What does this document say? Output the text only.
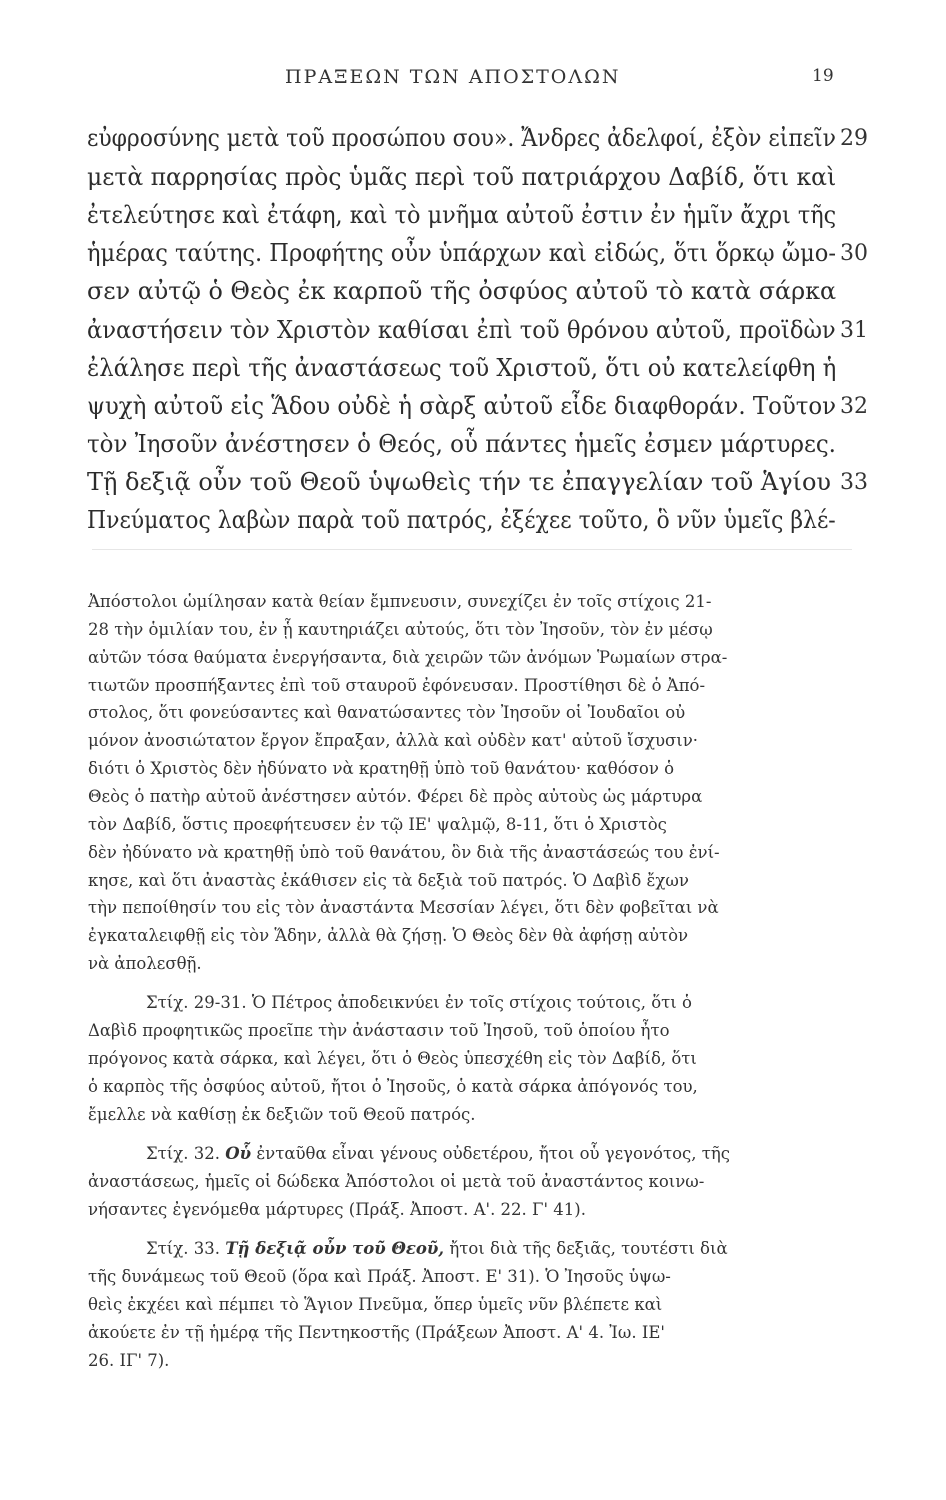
ΠΡΑΞΕΩΝ ΤΩΝ ΑΠΟΣΤΟΛΩΝ	19
εὐφροσύνης μετὰ τοῦ προσώπου σου». Ἄνδρες ἀδελφοί, ἐξὸν εἰπεῖν
μετὰ παρρησίας πρὸς ὑμᾶς περὶ τοῦ πατριάρχου Δαβίδ, ὅτι καὶ
ἐτελεύτησε καὶ ἐτάφη, καὶ τὸ μνῆμα αὐτοῦ ἐστιν ἐν ἡμῖν ἄχρι τῆς
ἡμέρας ταύτης. Προφήτης οὖν ὑπάρχων καὶ εἰδώς, ὅτι ὅρκῳ ὤμο-
σεν αὐτῷ ὁ Θεὸς ἐκ καρποῦ τῆς ὀσφύος αὐτοῦ τὸ κατὰ σάρκα
ἀναστήσειν τὸν Χριστὸν καθίσαι ἐπὶ τοῦ θρόνου αὐτοῦ, προϊδὼν
ἐλάλησε περὶ τῆς ἀναστάσεως τοῦ Χριστοῦ, ὅτι οὐ κατελείφθη ἡ
ψυχὴ αὐτοῦ εἰς Ἅδου οὐδὲ ἡ σὰρξ αὐτοῦ εἶδε διαφθοράν. Τοῦτον
τὸν Ἰησοῦν ἀνέστησεν ὁ Θεός, οὗ πάντες ἡμεῖς ἐσμεν μάρτυρες.
Τῇ δεξιᾷ οὖν τοῦ Θεοῦ ὑψωθεὶς τήν τε ἐπαγγελίαν τοῦ Ἁγίου
Πνεύματος λαβὼν παρὰ τοῦ πατρός, ἐξέχεε τοῦτο, ὃ νῦν ὑμεῖς βλέ-
29
30
31
32
33
Ἀπόστολοι ὡμίλησαν κατὰ θείαν ἔμπνευσιν, συνεχίζει ἐν τοῖς στίχοις 21-
28 τὴν ὁμιλίαν του, ἐν ᾗ καυτηριάζει αὐτούς, ὅτι τὸν Ἰησοῦν, τὸν ἐν μέσῳ
αὐτῶν τόσα θαύματα ἐνεργήσαντα, διὰ χειρῶν τῶν ἀνόμων Ῥωμαίων στρα-
τιωτῶν προσπήξαντες ἐπὶ τοῦ σταυροῦ ἐφόνευσαν. Προστίθησι δὲ ὁ Ἀπό-
στολος, ὅτι φονεύσαντες καὶ θανατώσαντες τὸν Ἰησοῦν οἱ Ἰουδαῖοι οὐ
μόνον ἀνοσιώτατον ἔργον ἔπραξαν, ἀλλὰ καὶ οὐδὲν κατ' αὐτοῦ ἴσχυσιν·
διότι ὁ Χριστὸς δὲν ἠδύνατο νὰ κρατηθῇ ὑπὸ τοῦ θανάτου· καθόσον ὁ
Θεὸς ὁ πατὴρ αὐτοῦ ἀνέστησεν αὐτόν. Φέρει δὲ πρὸς αὐτοὺς ὡς μάρτυρα
τὸν Δαβίδ, ὅστις προεφήτευσεν ἐν τῷ ΙΕ' ψαλμῷ, 8-11, ὅτι ὁ Χριστὸς
δὲν ἠδύνατο νὰ κρατηθῇ ὑπὸ τοῦ θανάτου, ὃν διὰ τῆς ἀναστάσεώς του ἐνί-
κησε, καὶ ὅτι ἀναστὰς ἐκάθισεν εἰς τὰ δεξιὰ τοῦ πατρός. Ὁ Δαβὶδ ἔχων
τὴν πεποίθησίν του εἰς τὸν ἀναστάντα Μεσσίαν λέγει, ὅτι δὲν φοβεῖται νὰ
ἐγκαταλειφθῇ εἰς τὸν Ἅδην, ἀλλὰ θὰ ζήσῃ. Ὁ Θεὸς δὲν θὰ ἀφήσῃ αὐτὸν
νὰ ἀπολεσθῇ.
Στίχ. 29-31. Ὁ Πέτρος ἀποδεικνύει ἐν τοῖς στίχοις τούτοις, ὅτι ὁ
Δαβὶδ προφητικῶς προεῖπε τὴν ἀνάστασιν τοῦ Ἰησοῦ, τοῦ ὁποίου ἦτο
πρόγονος κατὰ σάρκα, καὶ λέγει, ὅτι ὁ Θεὸς ὑπεσχέθη εἰς τὸν Δαβίδ, ὅτι
ὁ καρπὸς τῆς ὀσφύος αὐτοῦ, ἤτοι ὁ Ἰησοῦς, ὁ κατὰ σάρκα ἀπόγονός του,
ἔμελλε νὰ καθίσῃ ἐκ δεξιῶν τοῦ Θεοῦ πατρός.
Στίχ. 32. Οὗ ἐνταῦθα εἶναι γένους οὐδετέρου, ἤτοι οὗ γεγονότος, τῆς
ἀναστάσεως, ἡμεῖς οἱ δώδεκα Ἀπόστολοι οἱ μετὰ τοῦ ἀναστάντος κοινω-
νήσαντες ἐγενόμεθα μάρτυρες (Πράξ. Ἀποστ. Α'. 22. Γ' 41).
Στίχ. 33. Τῇ δεξιᾷ οὖν τοῦ Θεοῦ, ἤτοι διὰ τῆς δεξιᾶς, τουτέστι διὰ
τῆς δυνάμεως τοῦ Θεοῦ (ὅρα καὶ Πράξ. Ἀποστ. Ε' 31). Ὁ Ἰησοῦς ὑψω-
θεὶς ἐκχέει καὶ πέμπει τὸ Ἅγιον Πνεῦμα, ὅπερ ὑμεῖς νῦν βλέπετε καὶ
ἀκούετε ἐν τῇ ἡμέρᾳ τῆς Πεντηκοστῆς (Πράξεων Ἀποστ. Α' 4. Ἰω. ΙΕ'
26. ΙΓ' 7).
